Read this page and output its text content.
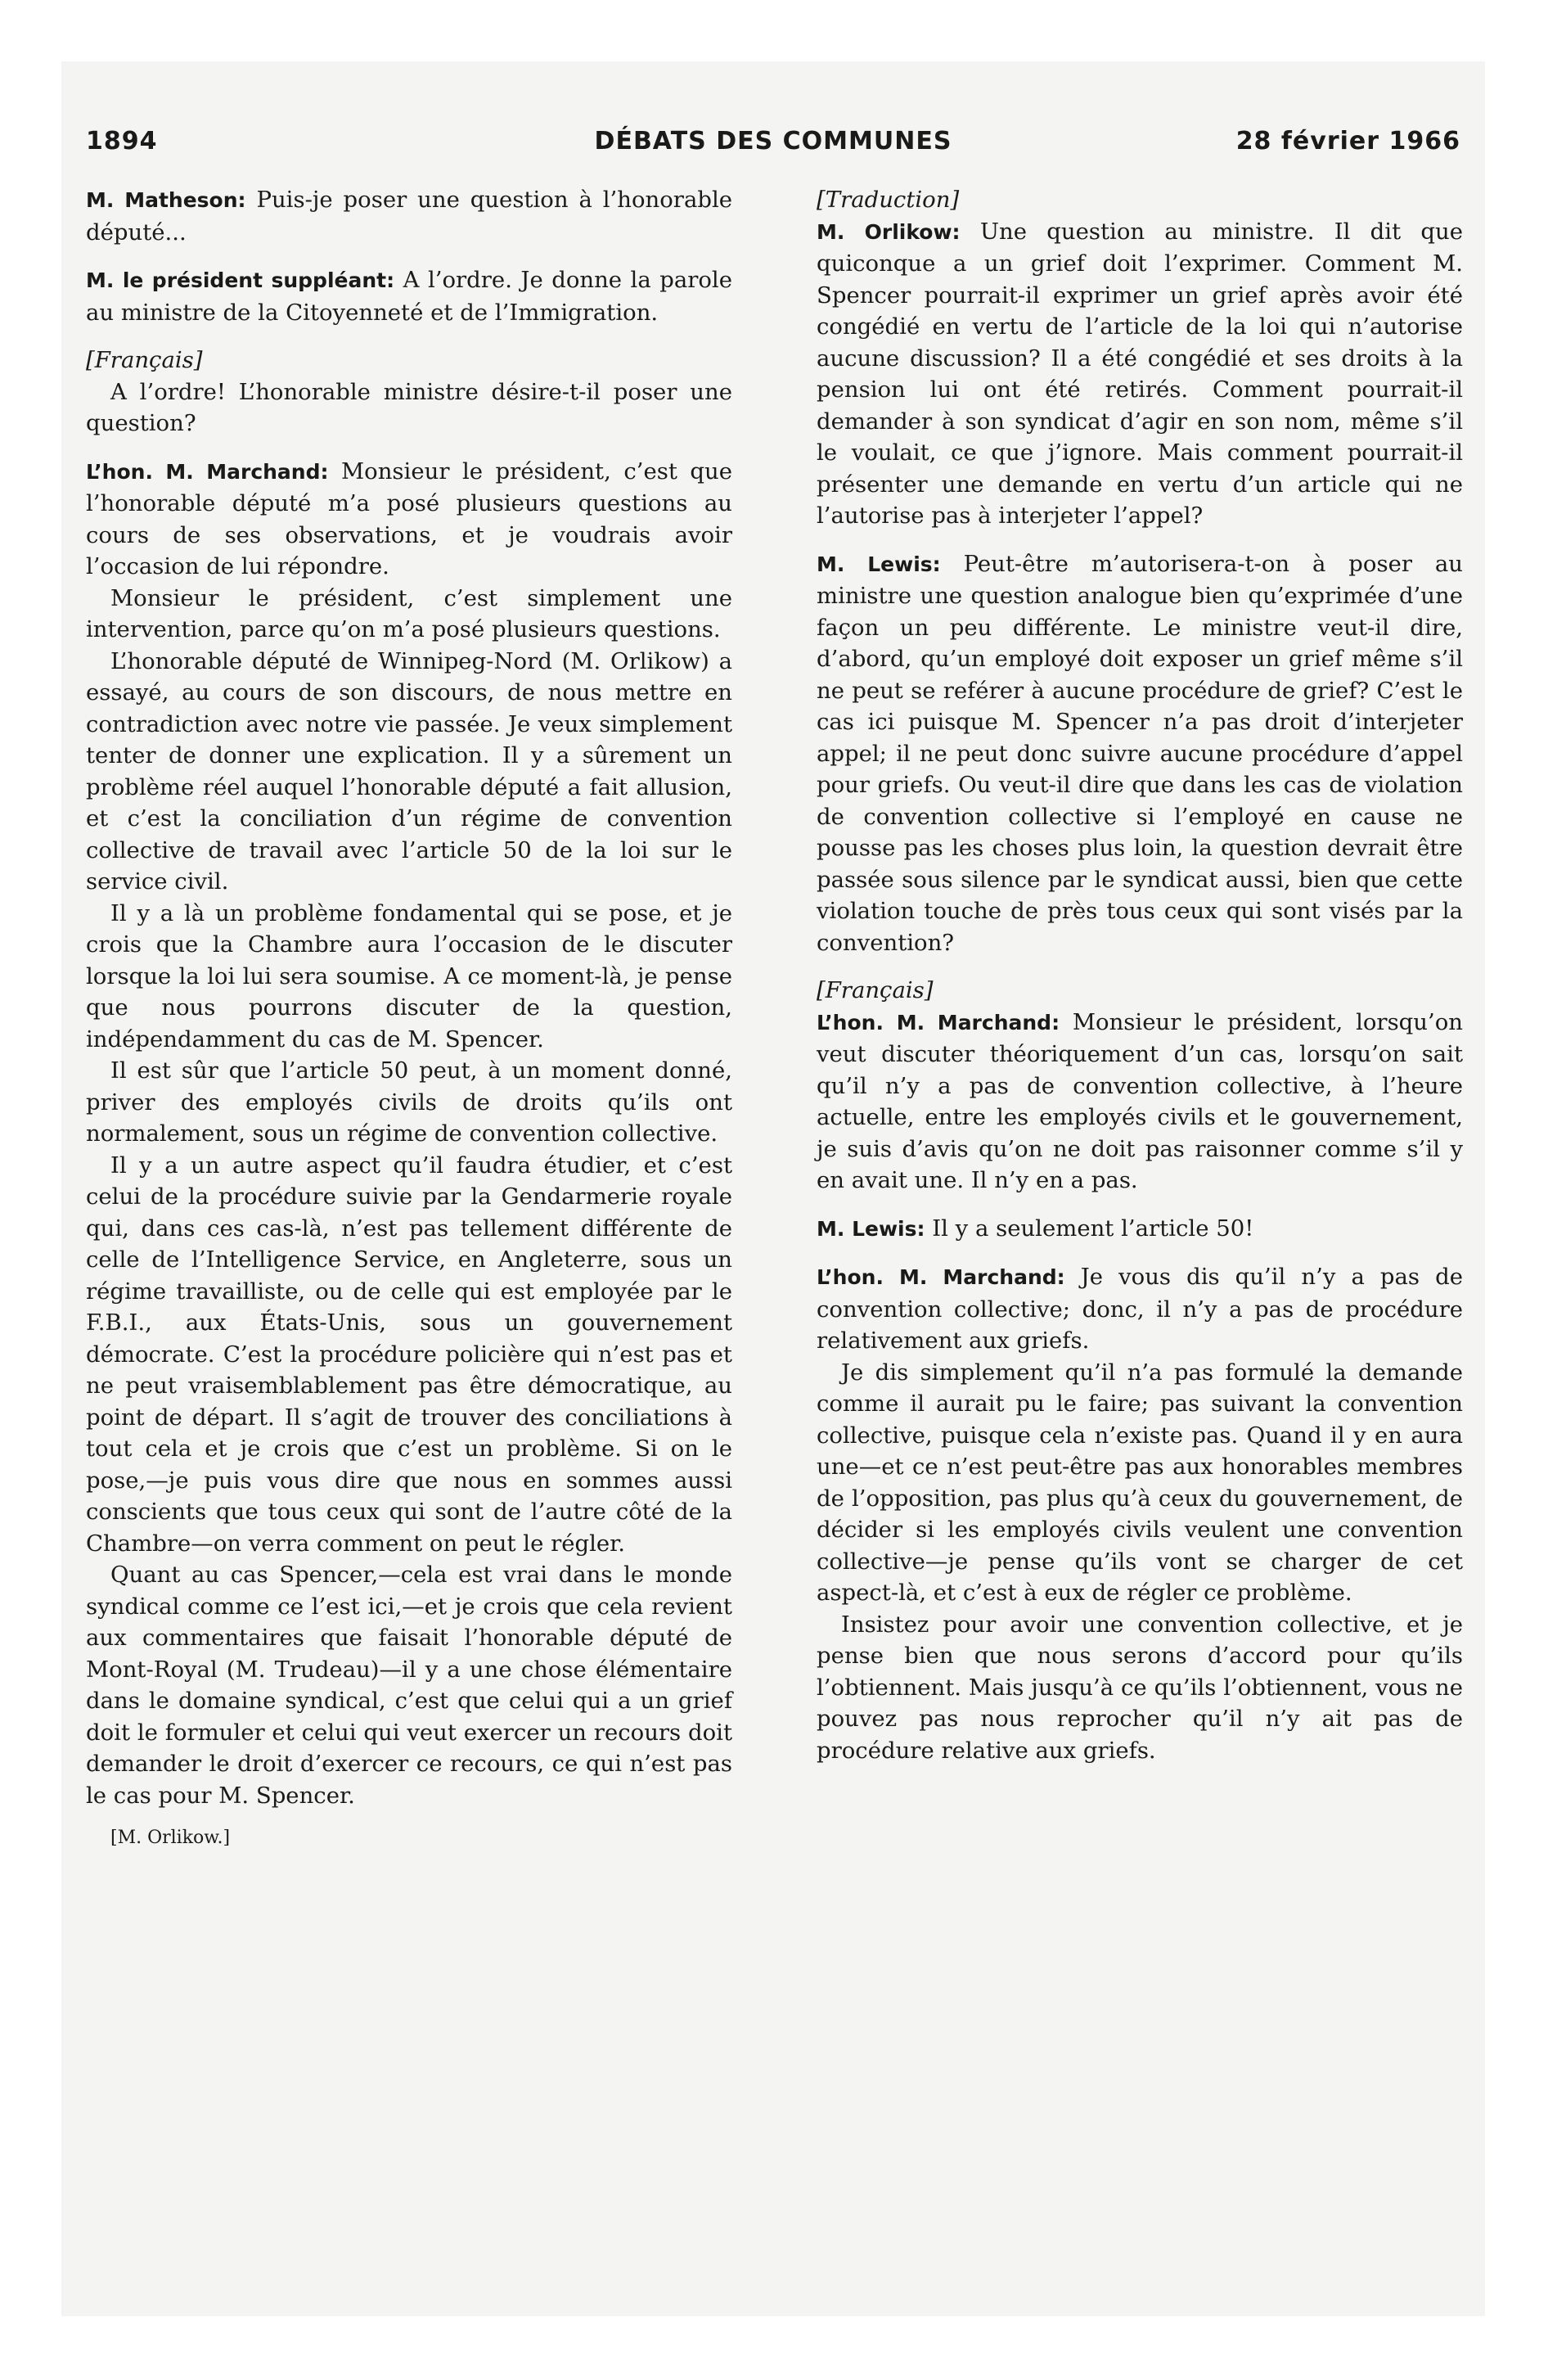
1894	DÉBATS DES COMMUNES	28 février 1966

M. Matheson: Puis-je poser une question à l’honorable député...

M. le président suppléant: A l’ordre. Je donne la parole au ministre de la Citoyenneté et de l’Immigration.

[Français]

A l’ordre! L’honorable ministre désire-t-il poser une question?

L’hon. M. Marchand: Monsieur le président, c’est que l’honorable député m’a posé plusieurs questions au cours de ses observations, et je voudrais avoir l’occasion de lui répondre.

Monsieur le président, c’est simplement une intervention, parce qu’on m’a posé plusieurs questions.

L’honorable député de Winnipeg-Nord (M. Orlikow) a essayé, au cours de son discours, de nous mettre en contradiction avec notre vie passée. Je veux simplement tenter de donner une explication. Il y a sûrement un problème réel auquel l’honorable député a fait allusion, et c’est la conciliation d’un régime de convention collective de travail avec l’article 50 de la loi sur le service civil.

Il y a là un problème fondamental qui se pose, et je crois que la Chambre aura l’occasion de le discuter lorsque la loi lui sera soumise. A ce moment-là, je pense que nous pourrons discuter de la question, indépendamment du cas de M. Spencer.

Il est sûr que l’article 50 peut, à un moment donné, priver des employés civils de droits qu’ils ont normalement, sous un régime de convention collective.

Il y a un autre aspect qu’il faudra étudier, et c’est celui de la procédure suivie par la Gendarmerie royale qui, dans ces cas-là, n’est pas tellement différente de celle de l’Intelligence Service, en Angleterre, sous un régime travailliste, ou de celle qui est employée par le F.B.I., aux États-Unis, sous un gouvernement démocrate. C’est la procédure policière qui n’est pas et ne peut vraisemblablement pas être démocratique, au point de départ. Il s’agit de trouver des conciliations à tout cela et je crois que c’est un problème. Si on le pose,—je puis vous dire que nous en sommes aussi conscients que tous ceux qui sont de l’autre côté de la Chambre—on verra comment on peut le régler.

Quant au cas Spencer,—cela est vrai dans le monde syndical comme ce l’est ici,—et je crois que cela revient aux commentaires que faisait l’honorable député de Mont-Royal (M. Trudeau)—il y a une chose élémentaire dans le domaine syndical, c’est que celui qui a un grief doit le formuler et celui qui veut exercer un recours doit demander le droit d’exercer ce recours, ce qui n’est pas le cas pour M. Spencer.

[M. Orlikow.]

[Traduction]

M. Orlikow: Une question au ministre. Il dit que quiconque a un grief doit l’exprimer. Comment M. Spencer pourrait-il exprimer un grief après avoir été congédié en vertu de l’article de la loi qui n’autorise aucune discussion? Il a été congédié et ses droits à la pension lui ont été retirés. Comment pourrait-il demander à son syndicat d’agir en son nom, même s’il le voulait, ce que j’ignore. Mais comment pourrait-il présenter une demande en vertu d’un article qui ne l’autorise pas à interjeter l’appel?

M. Lewis: Peut-être m’autorisera-t-on à poser au ministre une question analogue bien qu’exprimée d’une façon un peu différente. Le ministre veut-il dire, d’abord, qu’un employé doit exposer un grief même s’il ne peut se reférer à aucune procédure de grief? C’est le cas ici puisque M. Spencer n’a pas droit d’interjeter appel; il ne peut donc suivre aucune procédure d’appel pour griefs. Ou veut-il dire que dans les cas de violation de convention collective si l’employé en cause ne pousse pas les choses plus loin, la question devrait être passée sous silence par le syndicat aussi, bien que cette violation touche de près tous ceux qui sont visés par la convention?

[Français]

L’hon. M. Marchand: Monsieur le président, lorsqu’on veut discuter théoriquement d’un cas, lorsqu’on sait qu’il n’y a pas de convention collective, à l’heure actuelle, entre les employés civils et le gouvernement, je suis d’avis qu’on ne doit pas raisonner comme s’il y en avait une. Il n’y en a pas.

M. Lewis: Il y a seulement l’article 50!

L’hon. M. Marchand: Je vous dis qu’il n’y a pas de convention collective; donc, il n’y a pas de procédure relativement aux griefs.

Je dis simplement qu’il n’a pas formulé la demande comme il aurait pu le faire; pas suivant la convention collective, puisque cela n’existe pas. Quand il y en aura une—et ce n’est peut-être pas aux honorables membres de l’opposition, pas plus qu’à ceux du gouvernement, de décider si les employés civils veulent une convention collective—je pense qu’ils vont se charger de cet aspect-là, et c’est à eux de régler ce problème.

Insistez pour avoir une convention collective, et je pense bien que nous serons d’accord pour qu’ils l’obtiennent. Mais jusqu’à ce qu’ils l’obtiennent, vous ne pouvez pas nous reprocher qu’il n’y ait pas de procédure relative aux griefs.
